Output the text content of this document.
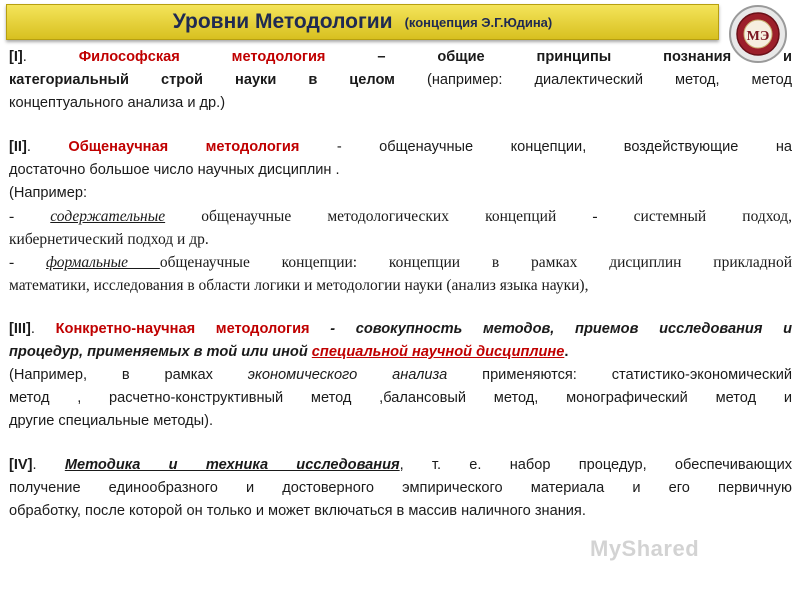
Уровни Методологии (концепция Э.Г.Юдина)
МЭ
[I]. Философская методология – общие принципы познания и
категориальный строй науки в целом (например: диалектический метод, метод
концептуального анализа и др.)
[II]. Общенаучная методология - общенаучные концепции, воздействующие на
достаточно большое число научных дисциплин .
(Например:
- содержательные общенаучные методологических концепций - системный подход,
кибернетический подход и др.
- формальные общенаучные концепции: концепции в рамках дисциплин прикладной
математики, исследования в области логики и методологии науки (анализ языка науки),
[III]. Конкретно-научная методология - совокупность методов, приемов исследования и
процедур, применяемых в той или иной специальной научной дисциплине.
(Например, в рамках экономического анализа применяются: статистико-экономический
метод , расчетно-конструктивный метод ,балансовый метод, монографический метод и
другие специальные методы).
[IV]. Методика и техника исследования, т. е. набор процедур, обеспечивающих
получение единообразного и достоверного эмпирического материала и его первичную
обработку, после которой он только и может включаться в массив наличного знания.
MyShared
